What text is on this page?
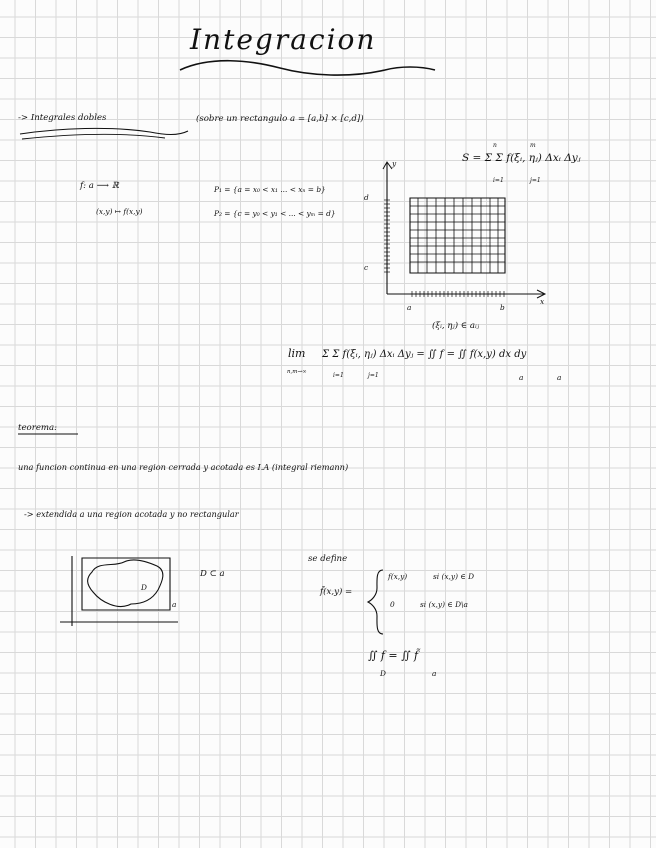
Integracion
-> Integrales dobles	(sobre un rectangulo a = [a,b] × [c,d])
f: a ⟶ ℝ
(x,y) ↦ f(x,y)
P₁ = {a = x₀ < x₁ ... < xₙ = b}
P₂ = {c = y₀ < y₁ < ... < yₘ = d}
S = Σ Σ f(ξᵢ, ηⱼ) Δxᵢ Δyⱼ
n
i=1
m
j=1
y
x
d
c
a	b
(ξᵢ, ηⱼ) ∈ aᵢⱼ
lim
n,m→∞
Σ Σ f(ξᵢ, ηⱼ) Δxᵢ Δyⱼ = ∬ f = ∬ f(x,y) dx dy
i=1	j=1	a	a
teorema:
una funcion continua en una region cerrada y acotada es I.A (integral riemann)
-> extendida a una region acotada y no rectangular
D
a
D ⊂ a
se define
f̃(x,y) =
f(x,y)	si (x,y) ∈ D
0	si (x,y) ∈ D\a
∬ f = ∬ f̃
D	a
